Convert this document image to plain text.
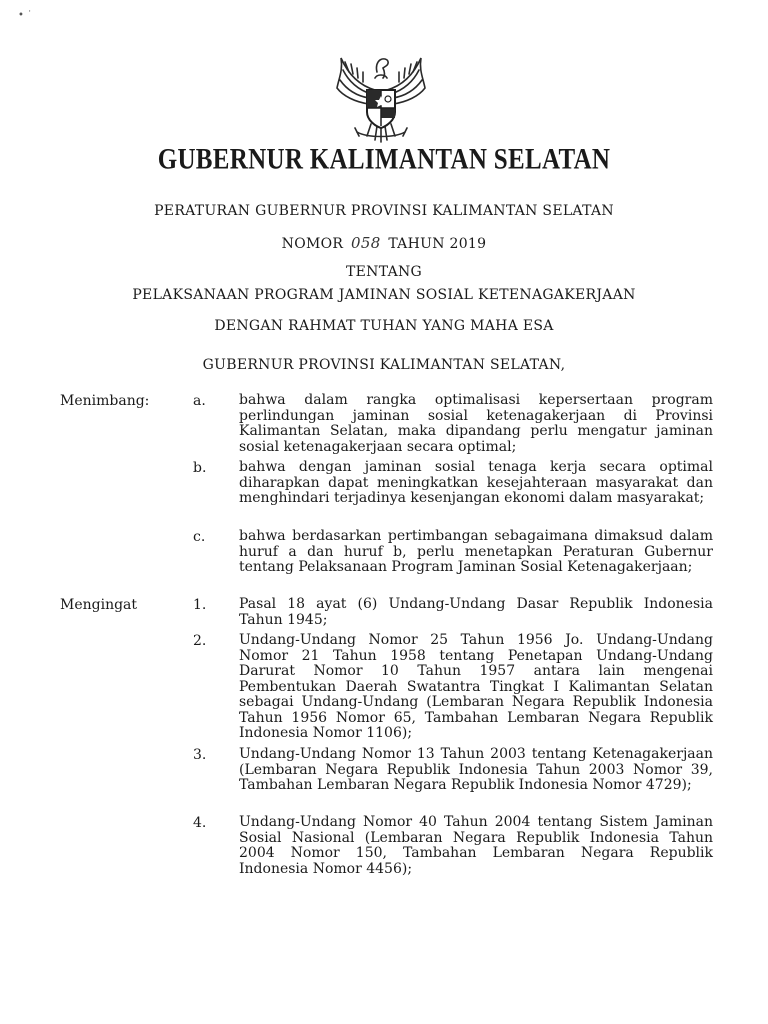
• ˙
GUBERNUR KALIMANTAN SELATAN
PERATURAN GUBERNUR PROVINSI KALIMANTAN SELATAN
NOMOR 058 TAHUN 2019
TENTANG
PELAKSANAAN PROGRAM JAMINAN SOSIAL KETENAGAKERJAAN
DENGAN RAHMAT TUHAN YANG MAHA ESA
GUBERNUR PROVINSI KALIMANTAN SELATAN,
Menimbang:	a. bahwa dalam rangka optimalisasi kepersertaan program perlindungan jaminan sosial ketenagakerjaan di Provinsi Kalimantan Selatan, maka dipandang perlu mengatur jaminan sosial ketenagakerjaan secara optimal;
b. bahwa dengan jaminan sosial tenaga kerja secara optimal diharapkan dapat meningkatkan kesejahteraan masyarakat dan menghindari terjadinya kesenjangan ekonomi dalam masyarakat;
c. bahwa berdasarkan pertimbangan sebagaimana dimaksud dalam huruf a dan huruf b, perlu menetapkan Peraturan Gubernur tentang Pelaksanaan Program Jaminan Sosial Ketenagakerjaan;
Mengingat	1. Pasal 18 ayat (6) Undang-Undang Dasar Republik Indonesia Tahun 1945;
2. Undang-Undang Nomor 25 Tahun 1956 Jo. Undang-Undang Nomor 21 Tahun 1958 tentang Penetapan Undang-Undang Darurat Nomor 10 Tahun 1957 antara lain mengenai Pembentukan Daerah Swatantra Tingkat I Kalimantan Selatan sebagai Undang-Undang (Lembaran Negara Republik Indonesia Tahun 1956 Nomor 65, Tambahan Lembaran Negara Republik Indonesia Nomor 1106);
3. Undang-Undang Nomor 13 Tahun 2003 tentang Ketenagakerjaan (Lembaran Negara Republik Indonesia Tahun 2003 Nomor 39, Tambahan Lembaran Negara Republik Indonesia Nomor 4729);
4. Undang-Undang Nomor 40 Tahun 2004 tentang Sistem Jaminan Sosial Nasional (Lembaran Negara Republik Indonesia Tahun 2004 Nomor 150, Tambahan Lembaran Negara Republik Indonesia Nomor 4456);
